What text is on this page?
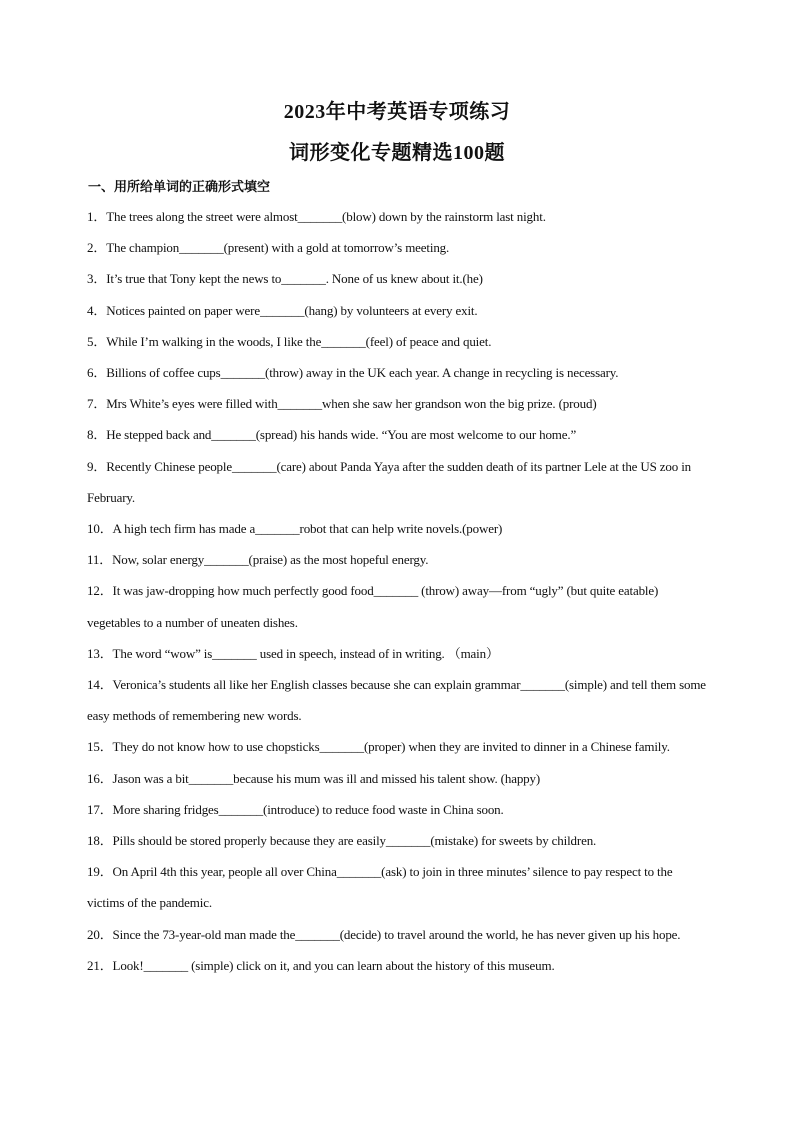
2023年中考英语专项练习
词形变化专题精选100题
一、用所给单词的正确形式填空

1．The trees along the street were almost_______(blow) down by the rainstorm last night.

2．The champion_______(present) with a gold at tomorrow’s meeting.

3．It’s true that Tony kept the news to_______. None of us knew about it.(he)

4．Notices painted on paper were_______(hang) by volunteers at every exit.

5．While I’m walking in the woods, I like the_______(feel) of peace and quiet.

6．Billions of coffee cups_______(throw) away in the UK each year. A change in recycling is necessary.

7．Mrs White’s eyes were filled with_______when she saw her grandson won the big prize. (proud)

8．He stepped back and_______(spread) his hands wide. “You are most welcome to our home.”

9．Recently Chinese people_______(care) about Panda Yaya after the sudden death of its partner Lele at the US zoo in February.

10．A high tech firm has made a_______robot that can help write novels.(power)

11．Now, solar energy_______(praise) as the most hopeful energy.

12．It was jaw-dropping how much perfectly good food_______ (throw) away—from “ugly” (but quite eatable) vegetables to a number of uneaten dishes.

13．The word “wow” is_______ used in speech, instead of in writing. （main）

14．Veronica’s students all like her English classes because she can explain grammar_______(simple) and tell them some easy methods of remembering new words.

15．They do not know how to use chopsticks_______(proper) when they are invited to dinner in a Chinese family.

16．Jason was a bit_______because his mum was ill and missed his talent show. (happy)

17．More sharing fridges_______(introduce) to reduce food waste in China soon.

18．Pills should be stored properly because they are easily_______(mistake) for sweets by children.

19．On April 4th this year, people all over China_______(ask) to join in three minutes’ silence to pay respect to the victims of the pandemic.

20．Since the 73-year-old man made the_______(decide) to travel around the world, he has never given up his hope.

21．Look!_______ (simple) click on it, and you can learn about the history of this museum.
